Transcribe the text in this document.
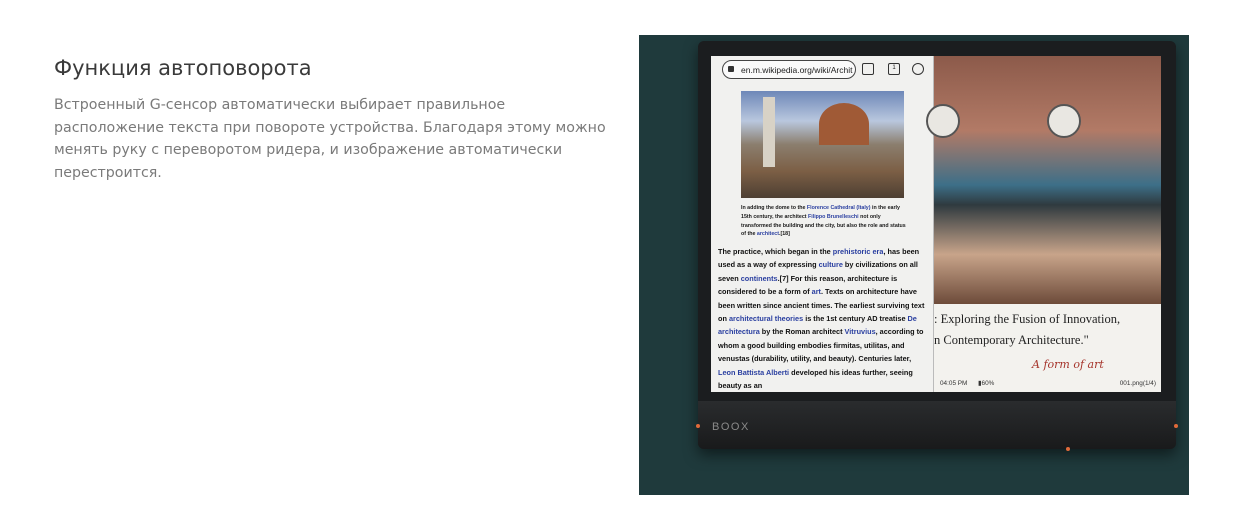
Функция автоповорота

Встроенный G-сенсор автоматически выбирает правильное расположение текста при повороте устройства. Благодаря этому можно менять руку с переворотом ридера, и изображение автоматически перестроится.

en.m.wikipedia.org/wiki/Archit	1
In adding the dome to the Florence Cathedral (Italy) in the early 15th century, the architect Filippo Brunelleschi not only transformed the building and the city, but also the role and status of the architect.[18]
The practice, which began in the prehistoric era, has been used as a way of expressing culture by civilizations on all seven continents.[7] For this reason, architecture is considered to be a form of art. Texts on architecture have been written since ancient times. The earliest surviving text on architectural theories is the 1st century AD treatise De architectura by the Roman architect Vitruvius, according to whom a good building embodies firmitas, utilitas, and venustas (durability, utility, and beauty). Centuries later, Leon Battista Alberti developed his ideas further, seeing beauty as an
: Exploring the Fusion of Innovation,
n Contemporary Architecture."
A form of art
04:05 PM ▮60%	001.png(1/4)
BOOX
